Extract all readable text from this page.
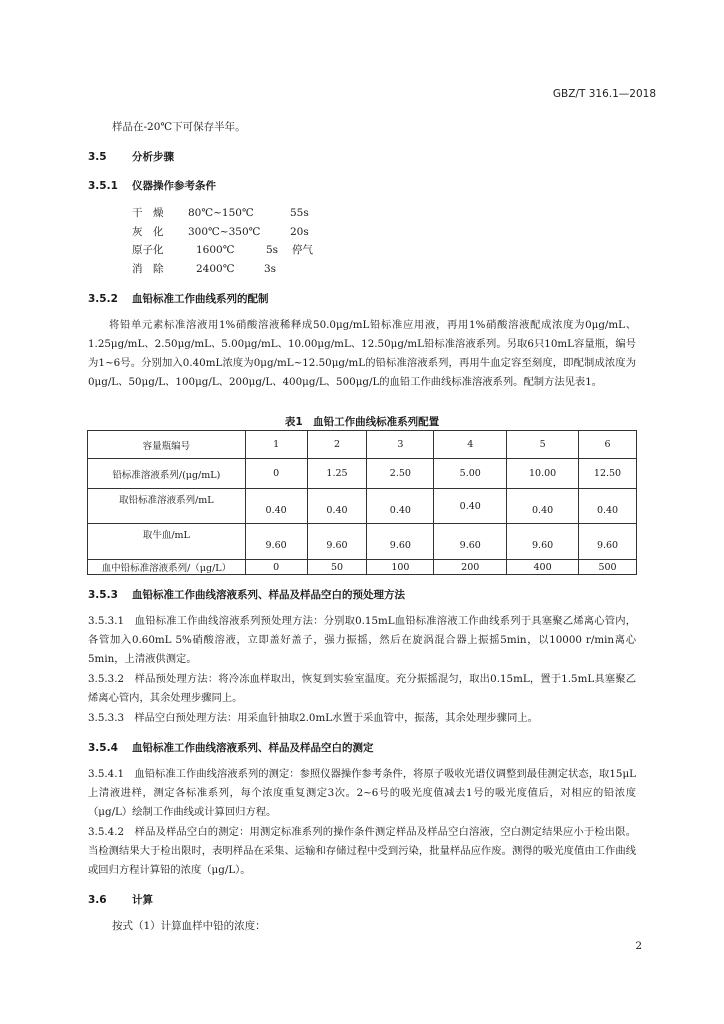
GBZ/T 316.1—2018
样品在-20℃下可保存半年。
3.5 分析步骤
3.5.1 仪器操作参考条件
干　燥 80℃~150℃	55s
灰　化 300℃~350℃	20s
原子化	1600℃	5s 停气
消　除	2400℃	3s
3.5.2 血铅标准工作曲线系列的配制
将铅单元素标准溶液用1%硝酸溶液稀释成50.0μg/mL铅标准应用液，再用1%硝酸溶液配成浓度为0μg/mL、1.25μg/mL、2.50μg/mL、5.00μg/mL、10.00μg/mL、12.50μg/mL铅标准溶液系列。另取6只10mL容量瓶，编号为1~6号。分别加入0.40mL浓度为0μg/mL~12.50μg/mL的铅标准溶液系列，再用牛血定容至刻度，即配制成浓度为0μg/L、50μg/L、100μg/L、200μg/L、400μg/L、500μg/L的血铅工作曲线标准溶液系列。配制方法见表1。
表1　血铅工作曲线标准系列配置
容量瓶编号	1	2	3	4	5	6
铅标准溶液系列/(μg/mL)	0	1.25	2.50	5.00	10.00	12.50
取铅标准溶液系列/mL	0.40	0.40	0.40	0.40	0.40	0.40
取牛血/mL	9.60	9.60	9.60	9.60	9.60	9.60
血中铅标准溶液系列/（μg/L）	0	50	100	200	400	500
3.5.3 血铅标准工作曲线溶液系列、样品及样品空白的预处理方法
3.5.3.1　血铅标准工作曲线溶液系列预处理方法：分别取0.15mL血铅标准溶液工作曲线系列于具塞聚乙烯离心管内，各管加入0.60mL 5%硝酸溶液，立即盖好盖子，强力振摇，然后在旋涡混合器上振摇5min，以10000 r/min离心5min，上清液供测定。
3.5.3.2　样品预处理方法：将冷冻血样取出，恢复到实验室温度。充分振摇混匀，取出0.15mL，置于1.5mL具塞聚乙烯离心管内，其余处理步骤同上。
3.5.3.3　样品空白预处理方法：用采血针抽取2.0mL水置于采血管中，振荡，其余处理步骤同上。
3.5.4 血铅标准工作曲线溶液系列、样品及样品空白的测定
3.5.4.1　血铅标准工作曲线溶液系列的测定：参照仪器操作参考条件，将原子吸收光谱仪调整到最佳测定状态，取15μL上清液进样，测定各标准系列，每个浓度重复测定3次。2~6号的吸光度值减去1号的吸光度值后，对相应的铅浓度（μg/L）绘制工作曲线或计算回归方程。
3.5.4.2　样品及样品空白的测定：用测定标准系列的操作条件测定样品及样品空白溶液，空白测定结果应小于检出限。当检测结果大于检出限时，表明样品在采集、运输和存储过程中受到污染，批量样品应作废。测得的吸光度值由工作曲线或回归方程计算铅的浓度（μg/L）。
3.6 计算
按式（1）计算血样中铅的浓度：
2
